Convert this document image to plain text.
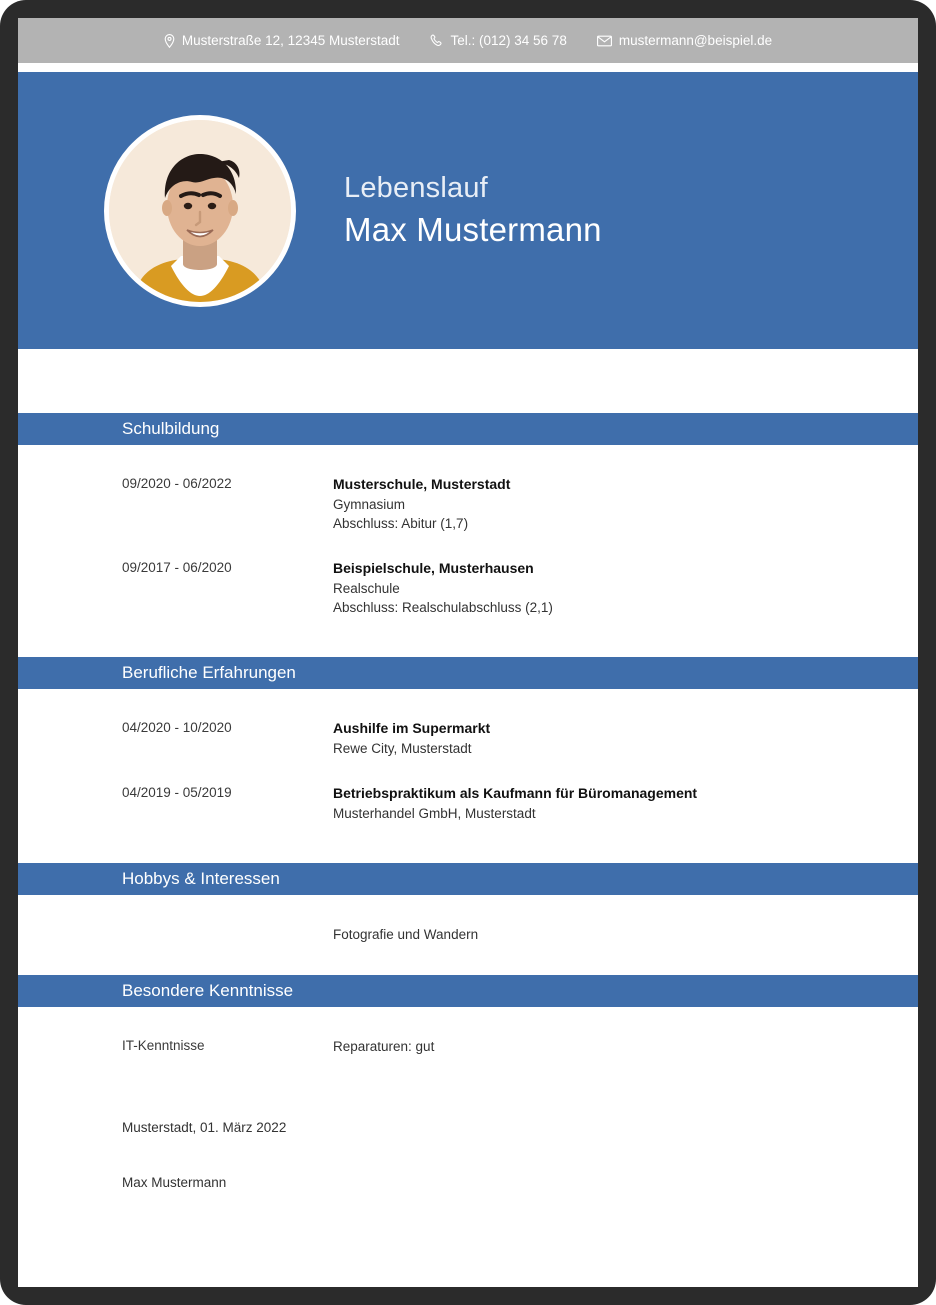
Musterstraße 12, 12345 Musterstadt	Tel.: (012) 34 56 78	mustermann@beispiel.de
Lebenslauf
Max Mustermann
Schulbildung
09/2020 - 06/2022	Musterschule, Musterstadt
Gymnasium
Abschluss: Abitur (1,7)
09/2017 - 06/2020	Beispielschule, Musterhausen
Realschule
Abschluss: Realschulabschluss (2,1)
Berufliche Erfahrungen
04/2020 - 10/2020	Aushilfe im Supermarkt
Rewe City, Musterstadt
04/2019 - 05/2019	Betriebspraktikum als Kaufmann für Büromanagement
Musterhandel GmbH, Musterstadt
Hobbys & Interessen
Fotografie und Wandern
Besondere Kenntnisse
IT-Kenntnisse	Reparaturen: gut
Musterstadt, 01. März 2022
Max Mustermann
